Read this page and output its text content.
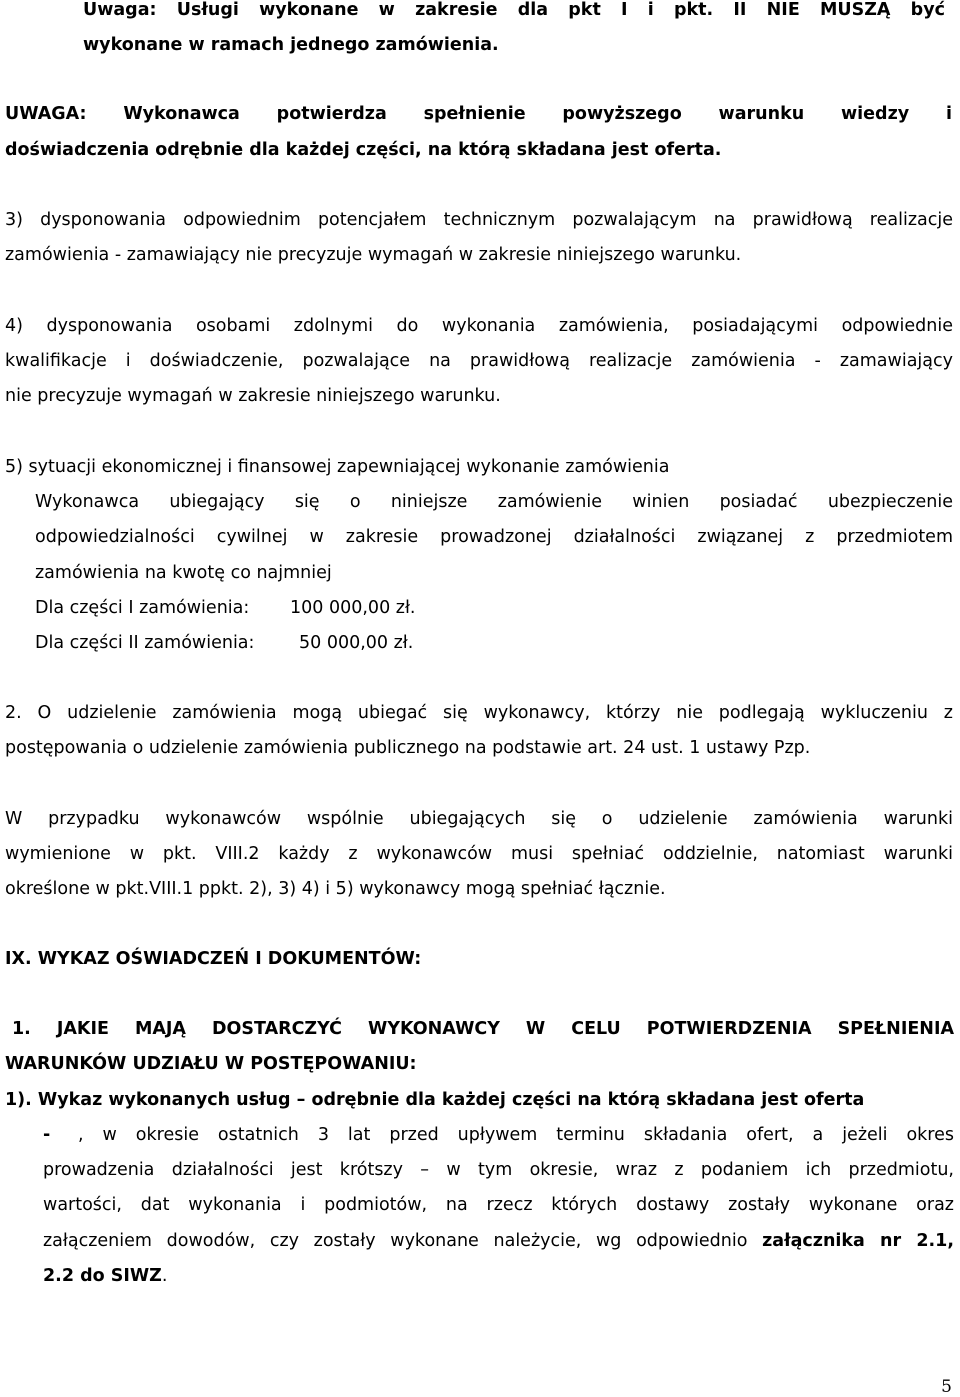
Uwaga: Usługi wykonane w zakresie dla pkt I i pkt. II NIE MUSZĄ być

wykonane w ramach jednego zamówienia.

UWAGA: Wykonawca potwierdza spełnienie powyższego warunku wiedzy i

doświadczenia odrębnie dla każdej części, na którą składana jest oferta.

3) dysponowania odpowiednim potencjałem technicznym pozwalającym na prawidłową realizacje

zamówienia - zamawiający nie precyzuje wymagań w zakresie niniejszego warunku.

4) dysponowania osobami zdolnymi do wykonania zamówienia, posiadającymi odpowiednie

kwalifikacje i doświadczenie, pozwalające na prawidłową realizacje zamówienia - zamawiający

nie precyzuje wymagań w zakresie niniejszego warunku.

5) sytuacji ekonomicznej i finansowej zapewniającej wykonanie zamówienia

Wykonawca ubiegający się o niniejsze zamówienie winien posiadać ubezpieczenie

odpowiedzialności cywilnej w zakresie prowadzonej działalności związanej z przedmiotem

zamówienia na kwotę co najmniej

Dla części I zamówienia: 100 000,00 zł.

Dla części II zamówienia:	50 000,00 zł.

2. O udzielenie zamówienia mogą ubiegać się wykonawcy, którzy nie podlegają wykluczeniu z

postępowania o udzielenie zamówienia publicznego na podstawie art. 24 ust. 1 ustawy Pzp.

W przypadku wykonawców wspólnie ubiegających się o udzielenie zamówienia warunki

wymienione w pkt. VIII.2 każdy z wykonawców musi spełniać oddzielnie, natomiast warunki

określone w pkt.VIII.1 ppkt. 2), 3) 4) i 5) wykonawcy mogą spełniać łącznie.

IX. WYKAZ OŚWIADCZEŃ I DOKUMENTÓW:

1. JAKIE MAJĄ DOSTARCZYĆ WYKONAWCY W CELU POTWIERDZENIA SPEŁNIENIA

WARUNKÓW UDZIAŁU W POSTĘPOWANIU:

1). Wykaz wykonanych usług – odrębnie dla każdej części na którą składana jest oferta

- , w okresie ostatnich 3 lat przed upływem terminu składania ofert, a jeżeli okres

prowadzenia działalności jest krótszy – w tym okresie, wraz z podaniem ich przedmiotu,

wartości, dat wykonania i podmiotów, na rzecz których dostawy zostały wykonane oraz

załączeniem dowodów, czy zostały wykonane należycie, wg odpowiednio załącznika nr 2.1,

2.2 do SIWZ.

5
